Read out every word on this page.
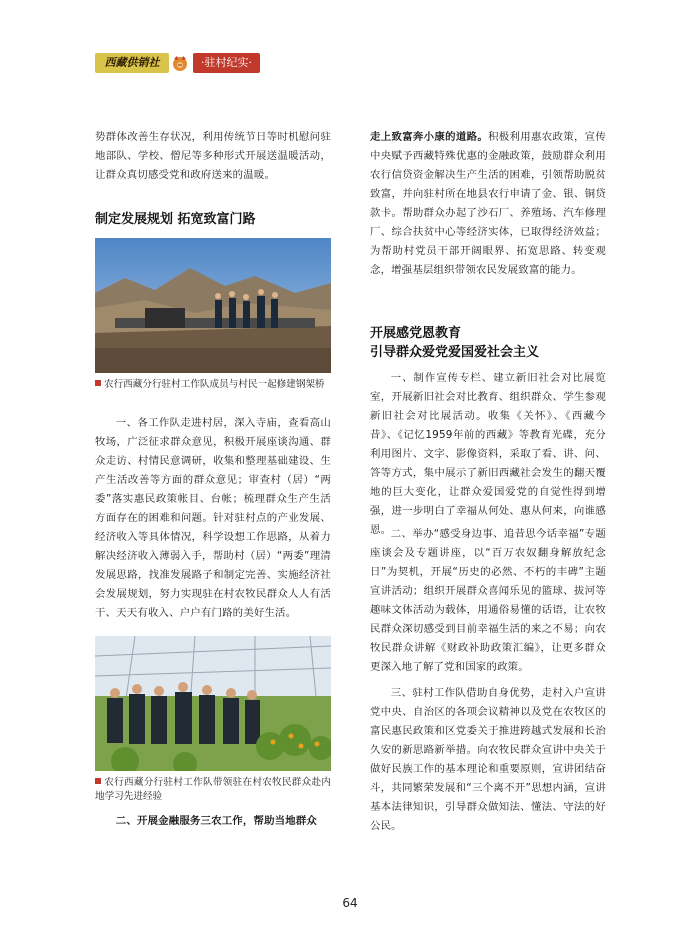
西藏供销社	·驻村纪实·

势群体改善生存状况，利用传统节日等时机慰问驻地部队、学校、僧尼等多种形式开展送温暖活动，让群众真切感受党和政府送来的温暖。

制定发展规划 拓宽致富门路

农行西藏分行驻村工作队成员与村民一起修建钢架桥

一、各工作队走进村居，深入寺庙，查看高山牧场，广泛征求群众意见，积极开展座谈沟通、群众走访、村情民意调研，收集和整理基础建设、生产生活改善等方面的群众意见；审查村（居）“两委”落实惠民政策帐目、台帐；梳理群众生产生活方面存在的困难和问题。针对驻村点的产业发展、经济收入等具体情况，科学设想工作思路，从着力解决经济收入薄弱入手，帮助村（居）“两委”理清发展思路，找准发展路子和制定完善、实施经济社会发展规划，努力实现驻在村农牧民群众人人有活干、天天有收入、户户有门路的美好生活。

农行西藏分行驻村工作队带领驻在村农牧民群众赴内地学习先进经验

二、开展金融服务三农工作，帮助当地群众

走上致富奔小康的道路。积极利用惠农政策，宣传中央赋予西藏特殊优惠的金融政策，鼓励群众利用农行信贷资金解决生产生活的困难，引领帮助脱贫致富，并向驻村所在地县农行申请了金、银、铜贷款卡。帮助群众办起了沙石厂、养殖场、汽车修理厂、综合扶贫中心等经济实体，已取得经济效益；为帮助村党员干部开阔眼界、拓宽思路、转变观念，增强基层组织带领农民发展致富的能力。

开展感党恩教育
引导群众爱党爱国爱社会主义

一、制作宣传专栏、建立新旧社会对比展览室，开展新旧社会对比教育、组织群众、学生参观新旧社会对比展活动。收集《关怀》、《西藏今昔》、《记忆1959年前的西藏》等教育光碟，充分利用图片、文字、影像资料，采取了看、讲、问、答等方式，集中展示了新旧西藏社会发生的翻天覆地的巨大变化，让群众爱国爱党的自觉性得到增强，进一步明白了幸福从何处、惠从何来，向谁感恩。 二、举办“感受身边事、追昔思今话幸福”专题座谈会及专题讲座，以“百万农奴翻身解放纪念日”为契机，开展“历史的必然、不朽的丰碑”主题宣讲活动；组织开展群众喜闻乐见的篮球、拔河等趣味文体活动为载体，用通俗易懂的话语，让农牧民群众深切感受到目前幸福生活的来之不易；向农牧民群众讲解《财政补助政策汇编》，让更多群众更深入地了解了党和国家的政策。

三、驻村工作队借助自身优势，走村入户宣讲党中央、自治区的各项会议精神以及党在农牧区的富民惠民政策和区党委关于推进跨越式发展和长治久安的新思路新举措。向农牧民群众宣讲中央关于做好民族工作的基本理论和重要原则，宣讲团结奋斗，共同繁荣发展和“三个离不开”思想内涵，宣讲基本法律知识，引导群众做知法、懂法、守法的好公民。

64
